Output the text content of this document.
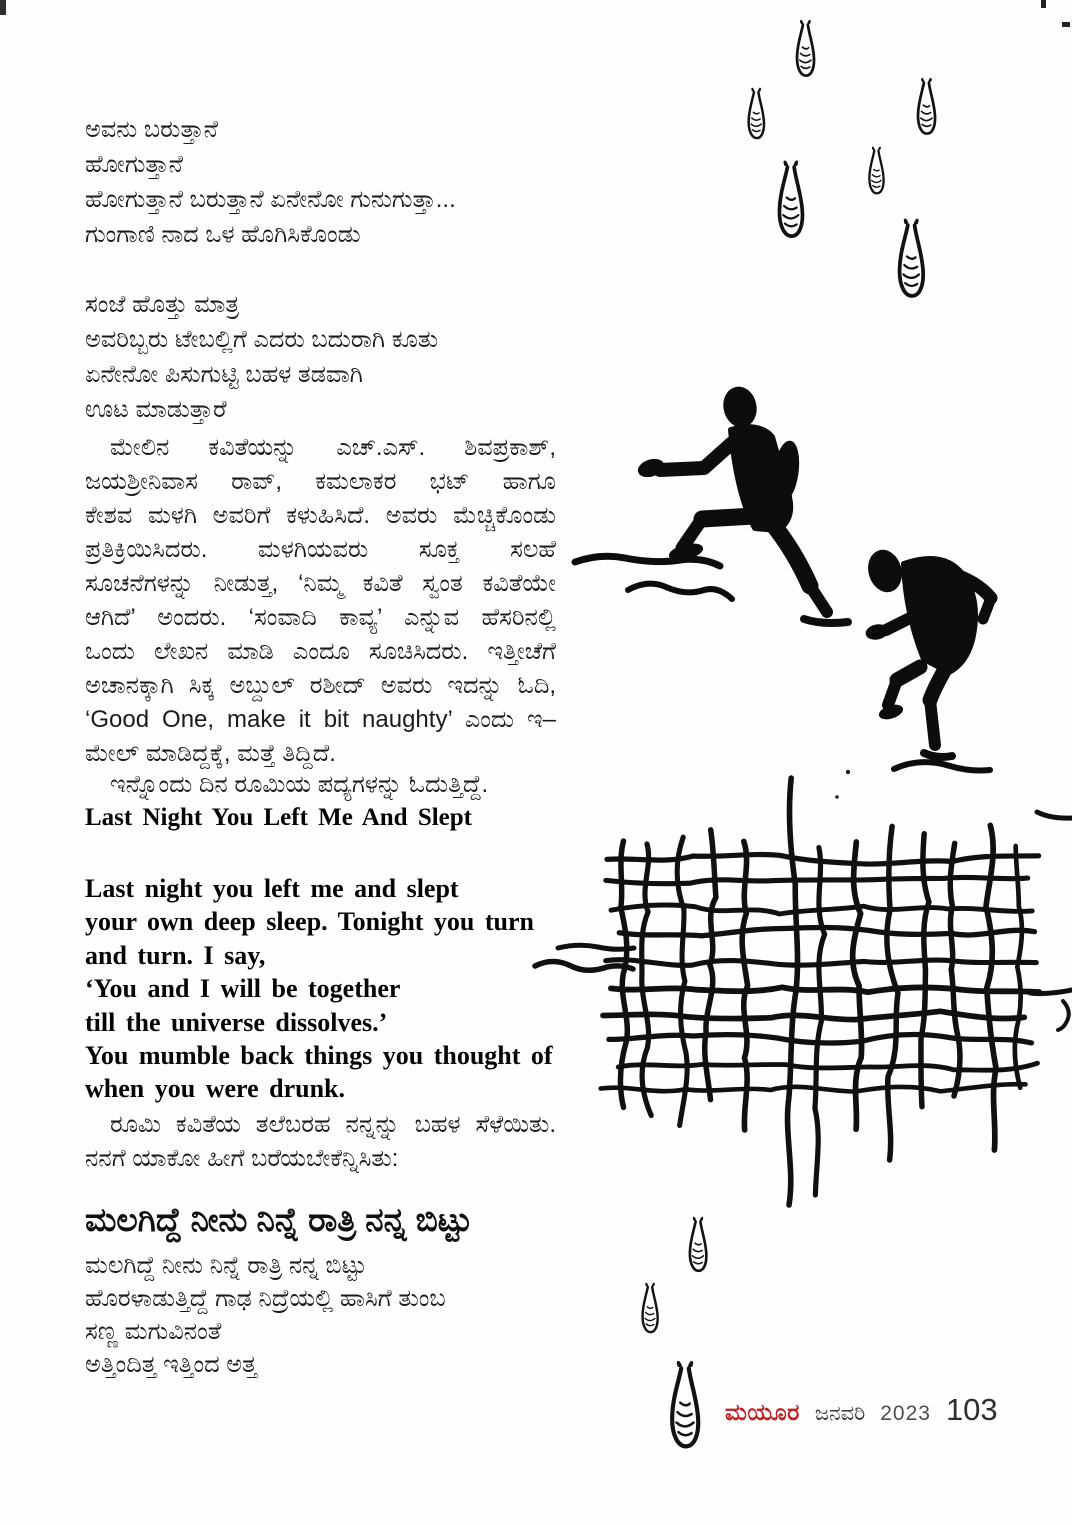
ಅವನು ಬರುತ್ತಾನೆ
ಹೋಗುತ್ತಾನೆ
ಹೋಗುತ್ತಾನೆ ಬರುತ್ತಾನೆ ಏನೇನೋ ಗುನುಗುತ್ತಾ...
ಗುಂಗಾಣಿ ನಾದ ಒಳ ಹೊಗಿಸಿಕೊಂಡು
ಸಂಜೆ ಹೊತ್ತು ಮಾತ್ರ
ಅವರಿಬ್ಬರು ಟೇಬಲ್ಲಿಗೆ ಎದರು ಬದುರಾಗಿ ಕೂತು
ಏನೇನೋ ಪಿಸುಗುಟ್ಟಿ ಬಹಳ ತಡವಾಗಿ
ಊಟ ಮಾಡುತ್ತಾರೆ
ಮೇಲಿನ ಕವಿತೆಯನ್ನು ಎಚ್.ಎಸ್. ಶಿವಪ್ರಕಾಶ್,
ಜಯಶ್ರೀನಿವಾಸ ರಾವ್, ಕಮಲಾಕರ ಭಟ್ ಹಾಗೂ
ಕೇಶವ ಮಳಗಿ ಅವರಿಗೆ ಕಳುಹಿಸಿದೆ. ಅವರು ಮೆಚ್ಚಿಕೊಂಡು
ಪ್ರತಿಕ್ರಿಯಿಸಿದರು. ಮಳಗಿಯವರು ಸೂಕ್ತ ಸಲಹೆ
ಸೂಚನೆಗಳನ್ನು ನೀಡುತ್ತ, ‘ನಿಮ್ಮ ಕವಿತೆ ಸ್ವಂತ ಕವಿತೆಯೇ
ಆಗಿದೆ’ ಅಂದರು. ‘ಸಂವಾದಿ ಕಾವ್ಯ’ ಎನ್ನುವ ಹೆಸರಿನಲ್ಲಿ
ಒಂದು ಲೇಖನ ಮಾಡಿ ಎಂದೂ ಸೂಚಿಸಿದರು. ಇತ್ತೀಚೆಗೆ
ಅಚಾನಕ್ಕಾಗಿ ಸಿಕ್ಕ ಅಬ್ದುಲ್ ರಶೀದ್ ಅವರು ಇದನ್ನು ಓದಿ,
‘Good One, make it bit naughty’ ಎಂದು ಇ–
ಮೇಲ್ ಮಾಡಿದ್ದಕ್ಕೆ, ಮತ್ತೆ ತಿದ್ದಿದೆ.
ಇನ್ನೊಂದು ದಿನ ರೂಮಿಯ ಪದ್ಯಗಳನ್ನು ಓದುತ್ತಿದ್ದೆ.
Last Night You Left Me And Slept
Last night you left me and slept
your own deep sleep. Tonight you turn
and turn. I say,
‘You and I will be together
till the universe dissolves.’
You mumble back things you thought of
when you were drunk.
ರೂಮಿ ಕವಿತೆಯ ತಲೆಬರಹ ನನ್ನನ್ನು ಬಹಳ ಸೆಳೆಯಿತು.
ನನಗೆ ಯಾಕೋ ಹೀಗೆ ಬರೆಯಬೇಕೆನ್ನಿಸಿತು:
ಮಲಗಿದ್ದೆ ನೀನು ನಿನ್ನೆ ರಾತ್ರಿ ನನ್ನ ಬಿಟ್ಟು
ಮಲಗಿದ್ದೆ ನೀನು ನಿನ್ನೆ ರಾತ್ರಿ ನನ್ನ ಬಿಟ್ಟು
ಹೊರಳಾಡುತ್ತಿದ್ದೆ ಗಾಢ ನಿದ್ರೆಯಲ್ಲಿ ಹಾಸಿಗೆ ತುಂಬ
ಸಣ್ಣ ಮಗುವಿನಂತೆ
ಅತ್ತಿಂದಿತ್ತ ಇತ್ತಿಂದ ಅತ್ತ
ಮಯೂರ ಜನವರಿ 2023 103
